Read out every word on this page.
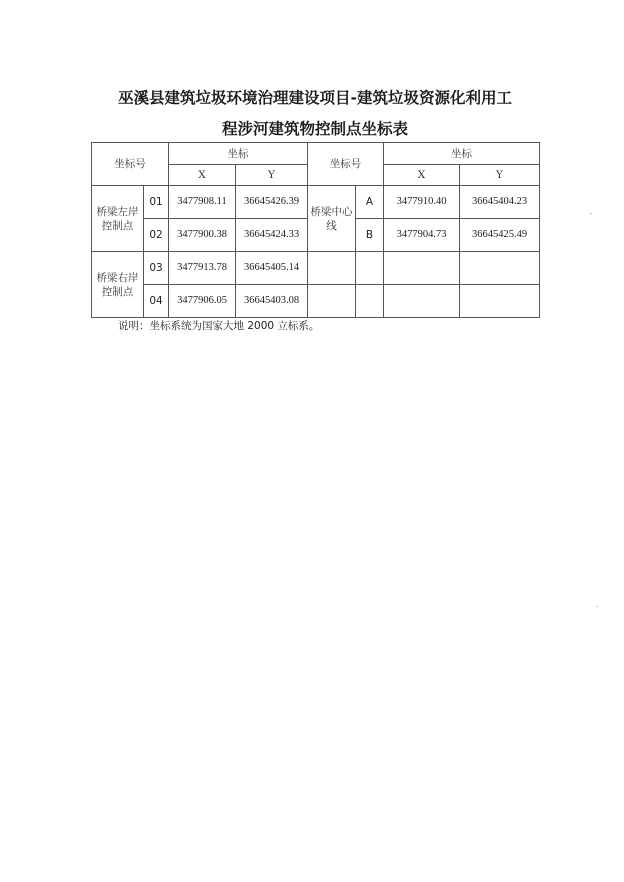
巫溪县建筑垃圾环境治理建设项目-建筑垃圾资源化利用工
程涉河建筑物控制点坐标表
坐标号		坐标		坐标号		坐标	
		X	Y			X	Y
桥梁左岸控制点	01	3477908.11	36645426.39	桥梁中心线	A	3477910.40	36645404.23
	02	3477900.38	36645424.33		B	3477904.73	36645425.49
桥梁右岸控制点	03	3477913.78	36645405.14				
	04	3477906.05	36645403.08				
说明：坐标系统为国家大地 2000 立标系。
